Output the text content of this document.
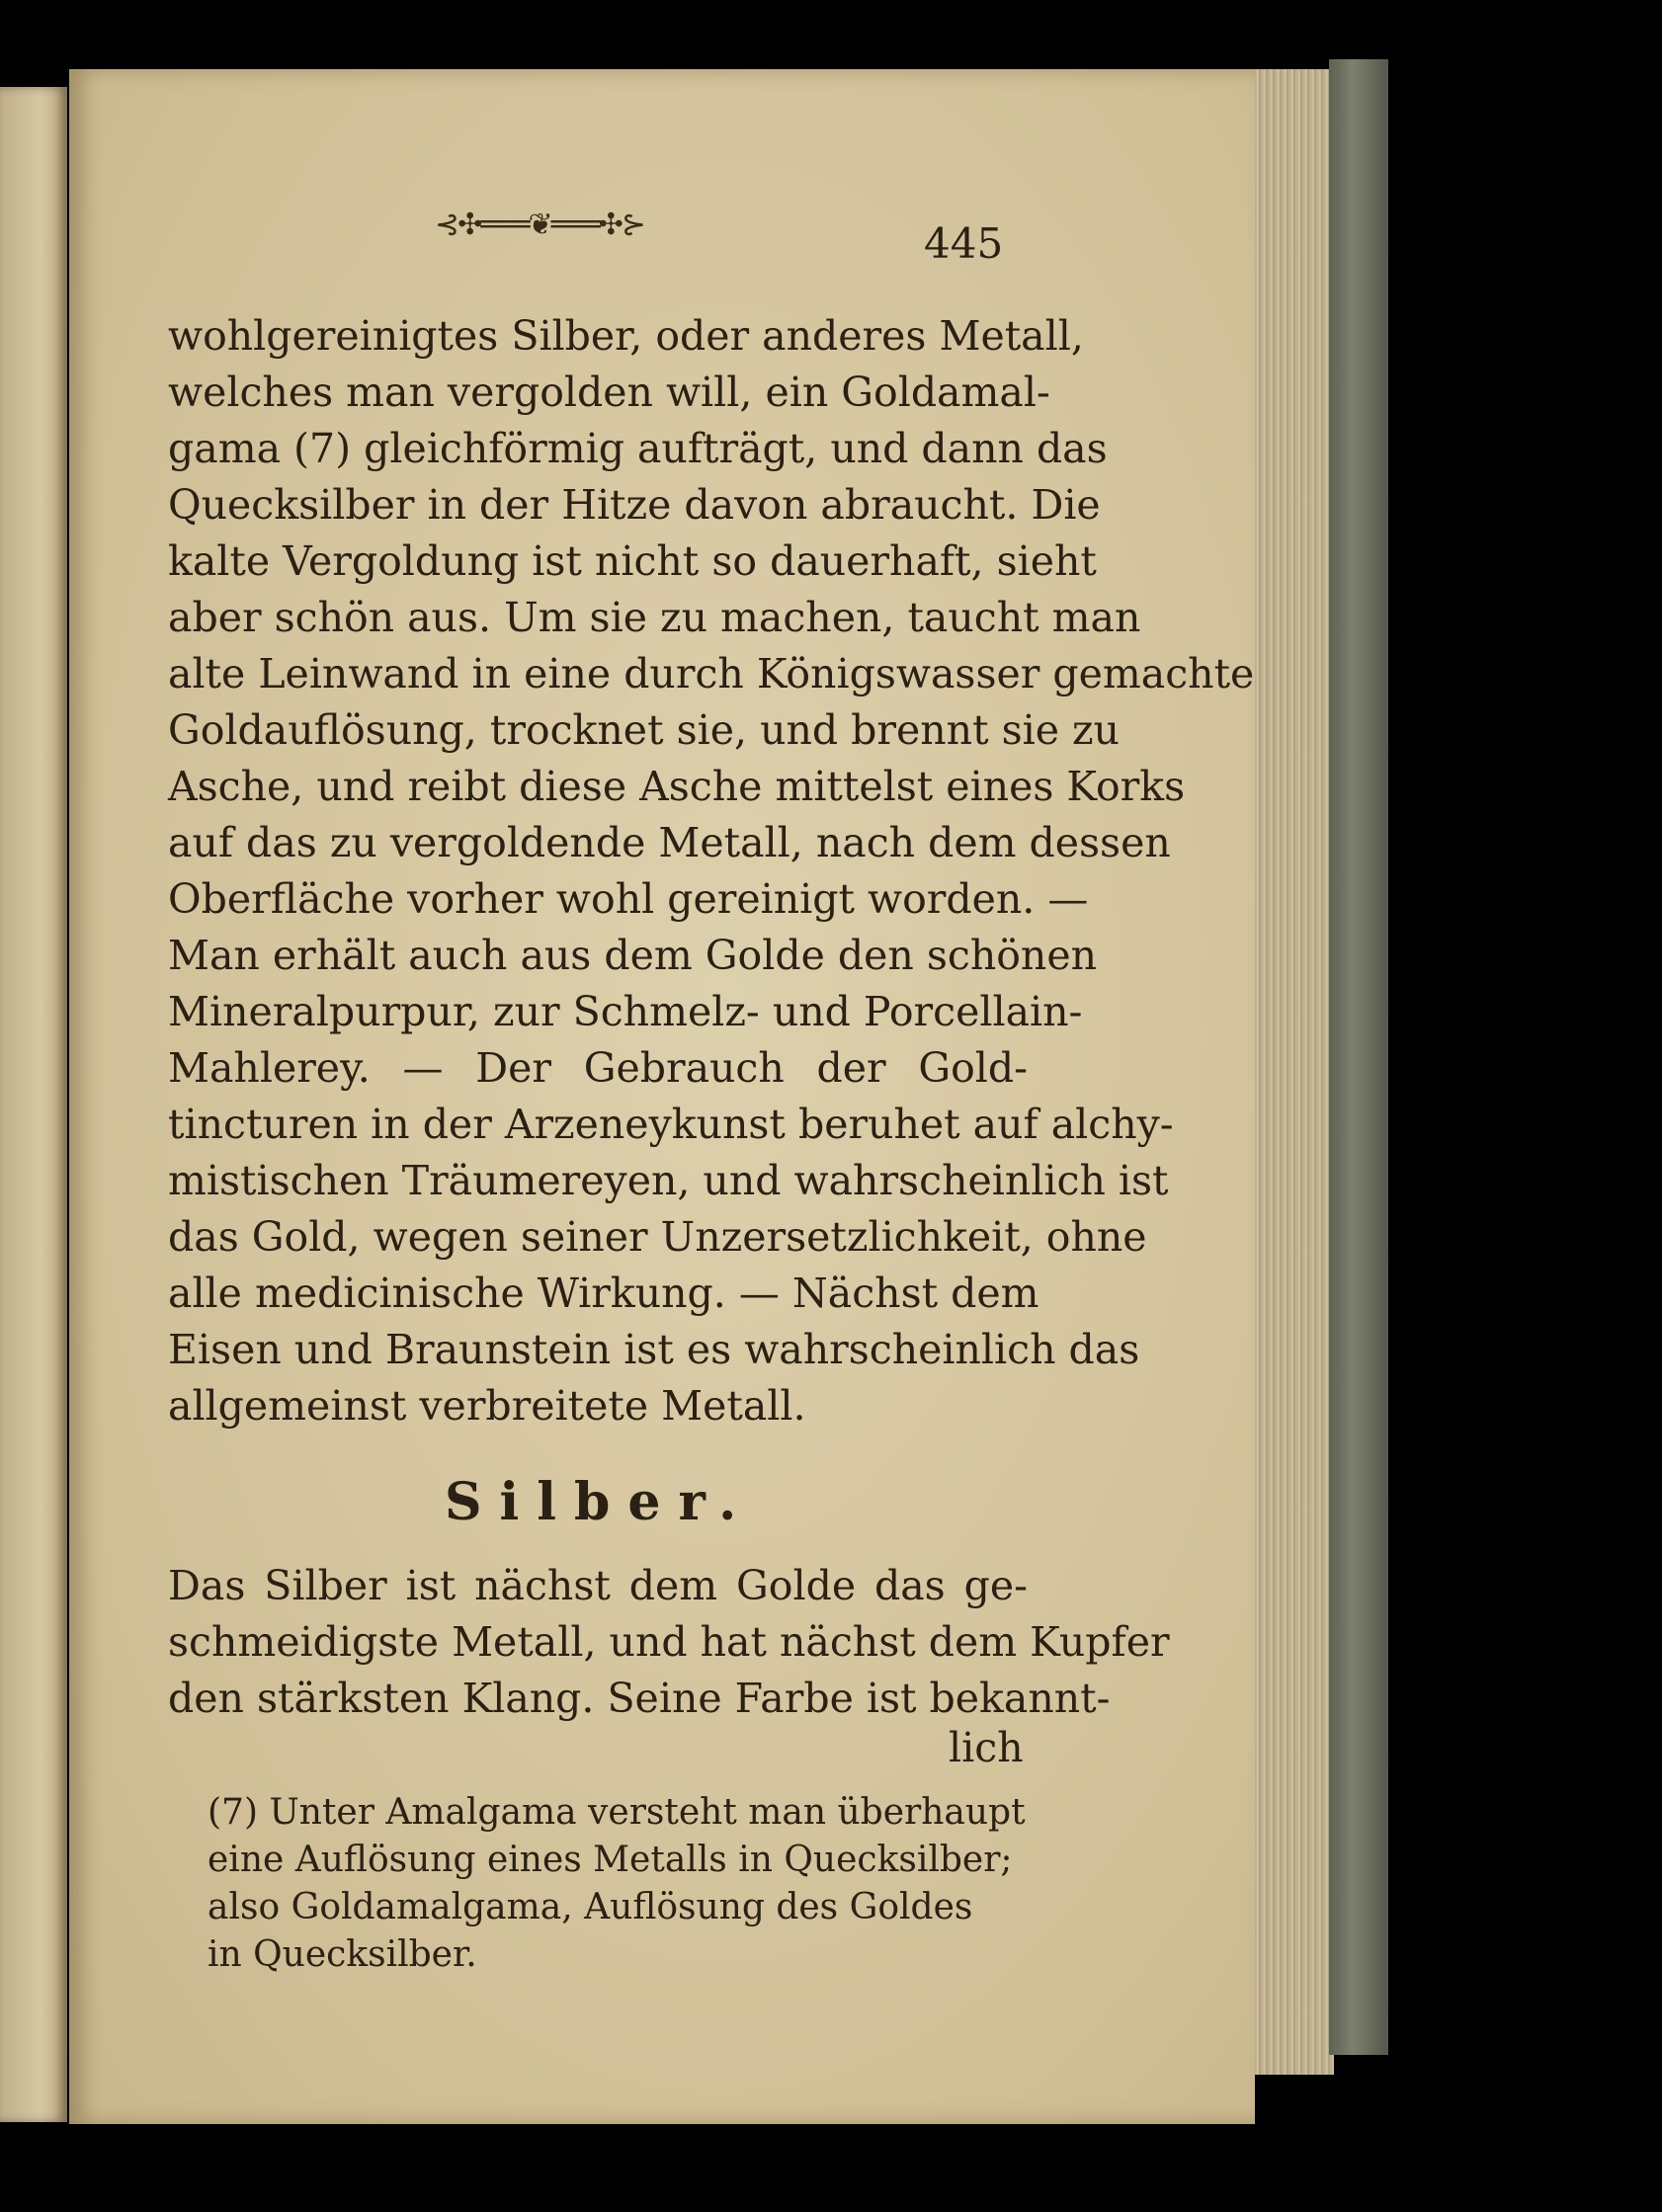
⊰✣═══❦═══✣⊱	445
wohlgereinigtes Silber, oder anderes Metall,
welches man vergolden will, ein Goldamal-
gama (7) gleichförmig aufträgt, und dann das
Quecksilber in der Hitze davon abraucht. Die
kalte Vergoldung ist nicht so dauerhaft, sieht
aber schön aus. Um sie zu machen, taucht man
alte Leinwand in eine durch Königswasser gemachte
Goldauflösung, trocknet sie, und brennt sie zu
Asche, und reibt diese Asche mittelst eines Korks
auf das zu vergoldende Metall, nach dem dessen
Oberfläche vorher wohl gereinigt worden. —
Man erhält auch aus dem Golde den schönen
Mineralpurpur, zur Schmelz- und Porcellain-
Mahlerey. — Der Gebrauch der Gold-
tincturen in der Arzeneykunst beruhet auf alchy-
mistischen Träumereyen, und wahrscheinlich ist
das Gold, wegen seiner Unzersetzlichkeit, ohne
alle medicinische Wirkung. — Nächst dem
Eisen und Braunstein ist es wahrscheinlich das
allgemeinst verbreitete Metall.
Silber.
Das Silber ist nächst dem Golde das ge-
schmeidigste Metall, und hat nächst dem Kupfer
den stärksten Klang. Seine Farbe ist bekannt-
lich
(7) Unter Amalgama versteht man überhaupt
eine Auflösung eines Metalls in Quecksilber;
also Goldamalgama, Auflösung des Goldes
in Quecksilber.
